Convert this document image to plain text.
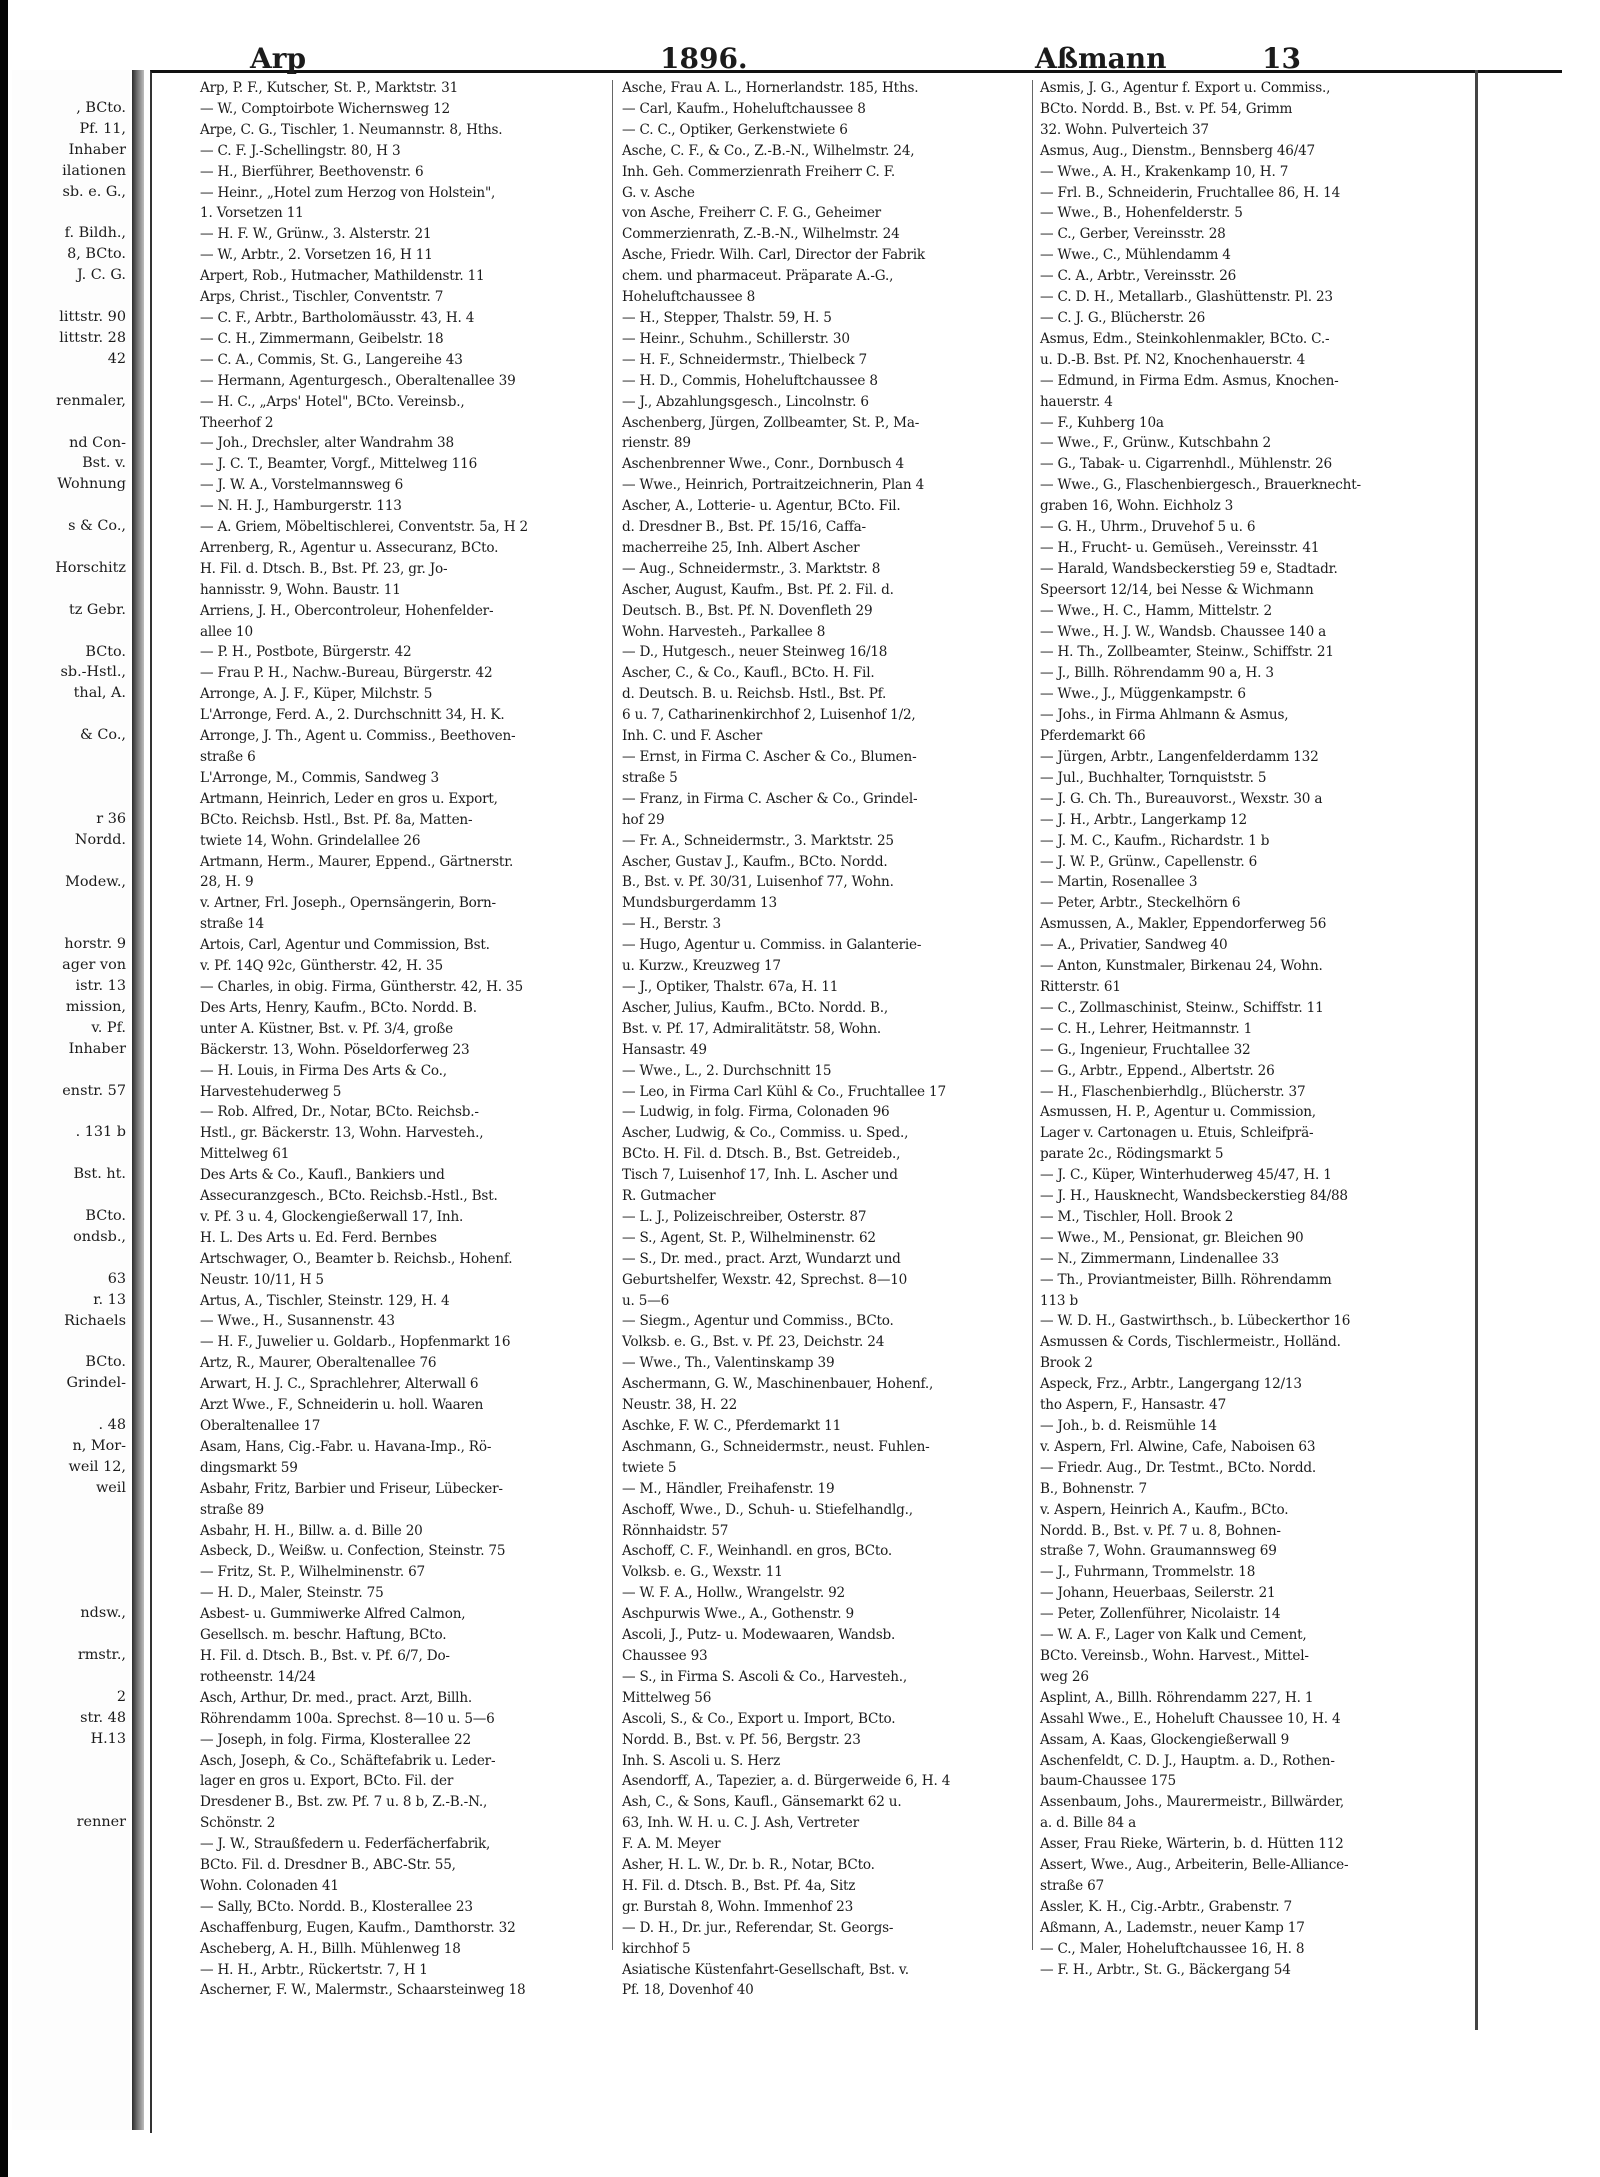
, BCto.
Pf. 11,
Inhaber
ilationen
sb. e. G.,

f. Bildh.,
8, BCto.
J. C. G.

littstr. 90
littstr. 28
42

renmaler,

nd Con-
Bst. v.
Wohnung

s & Co.,

Horschitz

tz Gebr.

BCto.
sb.-Hstl.,
thal, A.

& Co.,

r 36
Nordd.

Modew.,

horstr. 9
ager von
istr. 13
mission,
v. Pf.
Inhaber

enstr. 57

. 131 b

Bst. ht.

BCto.
ondsb.,

63
r. 13
Richaels

BCto.
Grindel-

. 48
n, Mor-
weil 12,
weil

ndsw.,

rmstr.,

2
str. 48
H.13

renner
Arp	1896.	Aßmann	13
Arp, P. F., Kutscher, St. P., Marktstr. 31
— W., Comptoirbote Wichernsweg 12
Arpe, C. G., Tischler, 1. Neumannstr. 8, Hths.
— C. F. J.-Schellingstr. 80, H 3
— H., Bierführer, Beethovenstr. 6
— Heinr., „Hotel zum Herzog von Holstein",
1. Vorsetzen 11
— H. F. W., Grünw., 3. Alsterstr. 21
— W., Arbtr., 2. Vorsetzen 16, H 11
Arpert, Rob., Hutmacher, Mathildenstr. 11
Arps, Christ., Tischler, Conventstr. 7
— C. F., Arbtr., Bartholomäusstr. 43, H. 4
— C. H., Zimmermann, Geibelstr. 18
— C. A., Commis, St. G., Langereihe 43
— Hermann, Agenturgesch., Oberaltenallee 39
— H. C., „Arps' Hotel", BCto. Vereinsb.,
Theerhof 2
— Joh., Drechsler, alter Wandrahm 38
— J. C. T., Beamter, Vorgf., Mittelweg 116
— J. W. A., Vorstelmannsweg 6
— N. H. J., Hamburgerstr. 113
— A. Griem, Möbeltischlerei, Conventstr. 5a, H 2
Arrenberg, R., Agentur u. Assecuranz, BCto.
H. Fil. d. Dtsch. B., Bst. Pf. 23, gr. Jo-
hannisstr. 9, Wohn. Baustr. 11
Arriens, J. H., Obercontroleur, Hohenfelder-
allee 10
— P. H., Postbote, Bürgerstr. 42
— Frau P. H., Nachw.-Bureau, Bürgerstr. 42
Arronge, A. J. F., Küper, Milchstr. 5
L'Arronge, Ferd. A., 2. Durchschnitt 34, H. K.
Arronge, J. Th., Agent u. Commiss., Beethoven-
straße 6
L'Arronge, M., Commis, Sandweg 3
Artmann, Heinrich, Leder en gros u. Export,
BCto. Reichsb. Hstl., Bst. Pf. 8a, Matten-
twiete 14, Wohn. Grindelallee 26
Artmann, Herm., Maurer, Eppend., Gärtnerstr.
28, H. 9
v. Artner, Frl. Joseph., Opernsängerin, Born-
straße 14
Artois, Carl, Agentur und Commission, Bst.
v. Pf. 14Q 92c, Güntherstr. 42, H. 35
— Charles, in obig. Firma, Güntherstr. 42, H. 35
Des Arts, Henry, Kaufm., BCto. Nordd. B.
unter A. Küstner, Bst. v. Pf. 3/4, große
Bäckerstr. 13, Wohn. Pöseldorferweg 23
— H. Louis, in Firma Des Arts & Co.,
Harvestehuderweg 5
— Rob. Alfred, Dr., Notar, BCto. Reichsb.-
Hstl., gr. Bäckerstr. 13, Wohn. Harvesteh.,
Mittelweg 61
Des Arts & Co., Kaufl., Bankiers und
Assecuranzgesch., BCto. Reichsb.-Hstl., Bst.
v. Pf. 3 u. 4, Glockengießerwall 17, Inh.
H. L. Des Arts u. Ed. Ferd. Bernbes
Artschwager, O., Beamter b. Reichsb., Hohenf.
Neustr. 10/11, H 5
Artus, A., Tischler, Steinstr. 129, H. 4
— Wwe., H., Susannenstr. 43
— H. F., Juwelier u. Goldarb., Hopfenmarkt 16
Artz, R., Maurer, Oberaltenallee 76
Arwart, H. J. C., Sprachlehrer, Alterwall 6
Arzt Wwe., F., Schneiderin u. holl. Waaren
Oberaltenallee 17
Asam, Hans, Cig.-Fabr. u. Havana-Imp., Rö-
dingsmarkt 59
Asbahr, Fritz, Barbier und Friseur, Lübecker-
straße 89
Asbahr, H. H., Billw. a. d. Bille 20
Asbeck, D., Weißw. u. Confection, Steinstr. 75
— Fritz, St. P., Wilhelminenstr. 67
— H. D., Maler, Steinstr. 75
Asbest- u. Gummiwerke Alfred Calmon,
Gesellsch. m. beschr. Haftung, BCto.
H. Fil. d. Dtsch. B., Bst. v. Pf. 6/7, Do-
rotheenstr. 14/24
Asch, Arthur, Dr. med., pract. Arzt, Billh.
Röhrendamm 100a. Sprechst. 8—10 u. 5—6
— Joseph, in folg. Firma, Klosterallee 22
Asch, Joseph, & Co., Schäftefabrik u. Leder-
lager en gros u. Export, BCto. Fil. der
Dresdener B., Bst. zw. Pf. 7 u. 8 b, Z.-B.-N.,
Schönstr. 2
— J. W., Straußfedern u. Federfächerfabrik,
BCto. Fil. d. Dresdner B., ABC-Str. 55,
Wohn. Colonaden 41
— Sally, BCto. Nordd. B., Klosterallee 23
Aschaffenburg, Eugen, Kaufm., Damthorstr. 32
Ascheberg, A. H., Billh. Mühlenweg 18
— H. H., Arbtr., Rückertstr. 7, H 1
Ascherner, F. W., Malermstr., Schaarsteinweg 18
Asche, Frau A. L., Hornerlandstr. 185, Hths.
— Carl, Kaufm., Hoheluftchaussee 8
— C. C., Optiker, Gerkenstwiete 6
Asche, C. F., & Co., Z.-B.-N., Wilhelmstr. 24,
Inh. Geh. Commerzienrath Freiherr C. F.
G. v. Asche
von Asche, Freiherr C. F. G., Geheimer
Commerzienrath, Z.-B.-N., Wilhelmstr. 24
Asche, Friedr. Wilh. Carl, Director der Fabrik
chem. und pharmaceut. Präparate A.-G.,
Hoheluftchaussee 8
— H., Stepper, Thalstr. 59, H. 5
— Heinr., Schuhm., Schillerstr. 30
— H. F., Schneidermstr., Thielbeck 7
— H. D., Commis, Hoheluftchaussee 8
— J., Abzahlungsgesch., Lincolnstr. 6
Aschenberg, Jürgen, Zollbeamter, St. P., Ma-
rienstr. 89
Aschenbrenner Wwe., Conr., Dornbusch 4
— Wwe., Heinrich, Portraitzeichnerin, Plan 4
Ascher, A., Lotterie- u. Agentur, BCto. Fil.
d. Dresdner B., Bst. Pf. 15/16, Caffa-
macherreihe 25, Inh. Albert Ascher
— Aug., Schneidermstr., 3. Marktstr. 8
Ascher, August, Kaufm., Bst. Pf. 2. Fil. d.
Deutsch. B., Bst. Pf. N. Dovenfleth 29
Wohn. Harvesteh., Parkallee 8
— D., Hutgesch., neuer Steinweg 16/18
Ascher, C., & Co., Kaufl., BCto. H. Fil.
d. Deutsch. B. u. Reichsb. Hstl., Bst. Pf.
6 u. 7, Catharinenkirchhof 2, Luisenhof 1/2,
Inh. C. und F. Ascher
— Ernst, in Firma C. Ascher & Co., Blumen-
straße 5
— Franz, in Firma C. Ascher & Co., Grindel-
hof 29
— Fr. A., Schneidermstr., 3. Marktstr. 25
Ascher, Gustav J., Kaufm., BCto. Nordd.
B., Bst. v. Pf. 30/31, Luisenhof 77, Wohn.
Mundsburgerdamm 13
— H., Berstr. 3
— Hugo, Agentur u. Commiss. in Galanterie-
u. Kurzw., Kreuzweg 17
— J., Optiker, Thalstr. 67a, H. 11
Ascher, Julius, Kaufm., BCto. Nordd. B.,
Bst. v. Pf. 17, Admiralitätstr. 58, Wohn.
Hansastr. 49
— Wwe., L., 2. Durchschnitt 15
— Leo, in Firma Carl Kühl & Co., Fruchtallee 17
— Ludwig, in folg. Firma, Colonaden 96
Ascher, Ludwig, & Co., Commiss. u. Sped.,
BCto. H. Fil. d. Dtsch. B., Bst. Getreideb.,
Tisch 7, Luisenhof 17, Inh. L. Ascher und
R. Gutmacher
— L. J., Polizeischreiber, Osterstr. 87
— S., Agent, St. P., Wilhelminenstr. 62
— S., Dr. med., pract. Arzt, Wundarzt und
Geburtshelfer, Wexstr. 42, Sprechst. 8—10
u. 5—6
— Siegm., Agentur und Commiss., BCto.
Volksb. e. G., Bst. v. Pf. 23, Deichstr. 24
— Wwe., Th., Valentinskamp 39
Aschermann, G. W., Maschinenbauer, Hohenf.,
Neustr. 38, H. 22
Aschke, F. W. C., Pferdemarkt 11
Aschmann, G., Schneidermstr., neust. Fuhlen-
twiete 5
— M., Händler, Freihafenstr. 19
Aschoff, Wwe., D., Schuh- u. Stiefelhandlg.,
Rönnhaidstr. 57
Aschoff, C. F., Weinhandl. en gros, BCto.
Volksb. e. G., Wexstr. 11
— W. F. A., Hollw., Wrangelstr. 92
Aschpurwis Wwe., A., Gothenstr. 9
Ascoli, J., Putz- u. Modewaaren, Wandsb.
Chaussee 93
— S., in Firma S. Ascoli & Co., Harvesteh.,
Mittelweg 56
Ascoli, S., & Co., Export u. Import, BCto.
Nordd. B., Bst. v. Pf. 56, Bergstr. 23
Inh. S. Ascoli u. S. Herz
Asendorff, A., Tapezier, a. d. Bürgerweide 6, H. 4
Ash, C., & Sons, Kaufl., Gänsemarkt 62 u.
63, Inh. W. H. u. C. J. Ash, Vertreter
F. A. M. Meyer
Asher, H. L. W., Dr. b. R., Notar, BCto.
H. Fil. d. Dtsch. B., Bst. Pf. 4a, Sitz
gr. Burstah 8, Wohn. Immenhof 23
— D. H., Dr. jur., Referendar, St. Georgs-
kirchhof 5
Asiatische Küstenfahrt-Gesellschaft, Bst. v.
Pf. 18, Dovenhof 40
Asmis, J. G., Agentur f. Export u. Commiss.,
BCto. Nordd. B., Bst. v. Pf. 54, Grimm
32. Wohn. Pulverteich 37
Asmus, Aug., Dienstm., Bennsberg 46/47
— Wwe., A. H., Krakenkamp 10, H. 7
— Frl. B., Schneiderin, Fruchtallee 86, H. 14
— Wwe., B., Hohenfelderstr. 5
— C., Gerber, Vereinsstr. 28
— Wwe., C., Mühlendamm 4
— C. A., Arbtr., Vereinsstr. 26
— C. D. H., Metallarb., Glashüttenstr. Pl. 23
— C. J. G., Blücherstr. 26
Asmus, Edm., Steinkohlenmakler, BCto. C.-
u. D.-B. Bst. Pf. N2, Knochenhauerstr. 4
— Edmund, in Firma Edm. Asmus, Knochen-
hauerstr. 4
— F., Kuhberg 10a
— Wwe., F., Grünw., Kutschbahn 2
— G., Tabak- u. Cigarrenhdl., Mühlenstr. 26
— Wwe., G., Flaschenbiergesch., Brauerknecht-
graben 16, Wohn. Eichholz 3
— G. H., Uhrm., Druvehof 5 u. 6
— H., Frucht- u. Gemüseh., Vereinsstr. 41
— Harald, Wandsbeckerstieg 59 e, Stadtadr.
Speersort 12/14, bei Nesse & Wichmann
— Wwe., H. C., Hamm, Mittelstr. 2
— Wwe., H. J. W., Wandsb. Chaussee 140 a
— H. Th., Zollbeamter, Steinw., Schiffstr. 21
— J., Billh. Röhrendamm 90 a, H. 3
— Wwe., J., Müggenkampstr. 6
— Johs., in Firma Ahlmann & Asmus,
Pferdemarkt 66
— Jürgen, Arbtr., Langenfelderdamm 132
— Jul., Buchhalter, Tornquiststr. 5
— J. G. Ch. Th., Bureauvorst., Wexstr. 30 a
— J. H., Arbtr., Langerkamp 12
— J. M. C., Kaufm., Richardstr. 1 b
— J. W. P., Grünw., Capellenstr. 6
— Martin, Rosenallee 3
— Peter, Arbtr., Steckelhörn 6
Asmussen, A., Makler, Eppendorferweg 56
— A., Privatier, Sandweg 40
— Anton, Kunstmaler, Birkenau 24, Wohn.
Ritterstr. 61
— C., Zollmaschinist, Steinw., Schiffstr. 11
— C. H., Lehrer, Heitmannstr. 1
— G., Ingenieur, Fruchtallee 32
— G., Arbtr., Eppend., Albertstr. 26
— H., Flaschenbierhdlg., Blücherstr. 37
Asmussen, H. P., Agentur u. Commission,
Lager v. Cartonagen u. Etuis, Schleifprä-
parate 2c., Rödingsmarkt 5
— J. C., Küper, Winterhuderweg 45/47, H. 1
— J. H., Hausknecht, Wandsbeckerstieg 84/88
— M., Tischler, Holl. Brook 2
— Wwe., M., Pensionat, gr. Bleichen 90
— N., Zimmermann, Lindenallee 33
— Th., Proviantmeister, Billh. Röhrendamm
113 b
— W. D. H., Gastwirthsch., b. Lübeckerthor 16
Asmussen & Cords, Tischlermeistr., Holländ.
Brook 2
Aspeck, Frz., Arbtr., Langergang 12/13
tho Aspern, F., Hansastr. 47
— Joh., b. d. Reismühle 14
v. Aspern, Frl. Alwine, Cafe, Naboisen 63
— Friedr. Aug., Dr. Testmt., BCto. Nordd.
B., Bohnenstr. 7
v. Aspern, Heinrich A., Kaufm., BCto.
Nordd. B., Bst. v. Pf. 7 u. 8, Bohnen-
straße 7, Wohn. Graumannsweg 69
— J., Fuhrmann, Trommelstr. 18
— Johann, Heuerbaas, Seilerstr. 21
— Peter, Zollenführer, Nicolaistr. 14
— W. A. F., Lager von Kalk und Cement,
BCto. Vereinsb., Wohn. Harvest., Mittel-
weg 26
Asplint, A., Billh. Röhrendamm 227, H. 1
Assahl Wwe., E., Hoheluft Chaussee 10, H. 4
Assam, A. Kaas, Glockengießerwall 9
Aschenfeldt, C. D. J., Hauptm. a. D., Rothen-
baum-Chaussee 175
Assenbaum, Johs., Maurermeistr., Billwärder,
a. d. Bille 84 a
Asser, Frau Rieke, Wärterin, b. d. Hütten 112
Assert, Wwe., Aug., Arbeiterin, Belle-Alliance-
straße 67
Assler, K. H., Cig.-Arbtr., Grabenstr. 7
Aßmann, A., Lademstr., neuer Kamp 17
— C., Maler, Hoheluftchaussee 16, H. 8
— F. H., Arbtr., St. G., Bäckergang 54
